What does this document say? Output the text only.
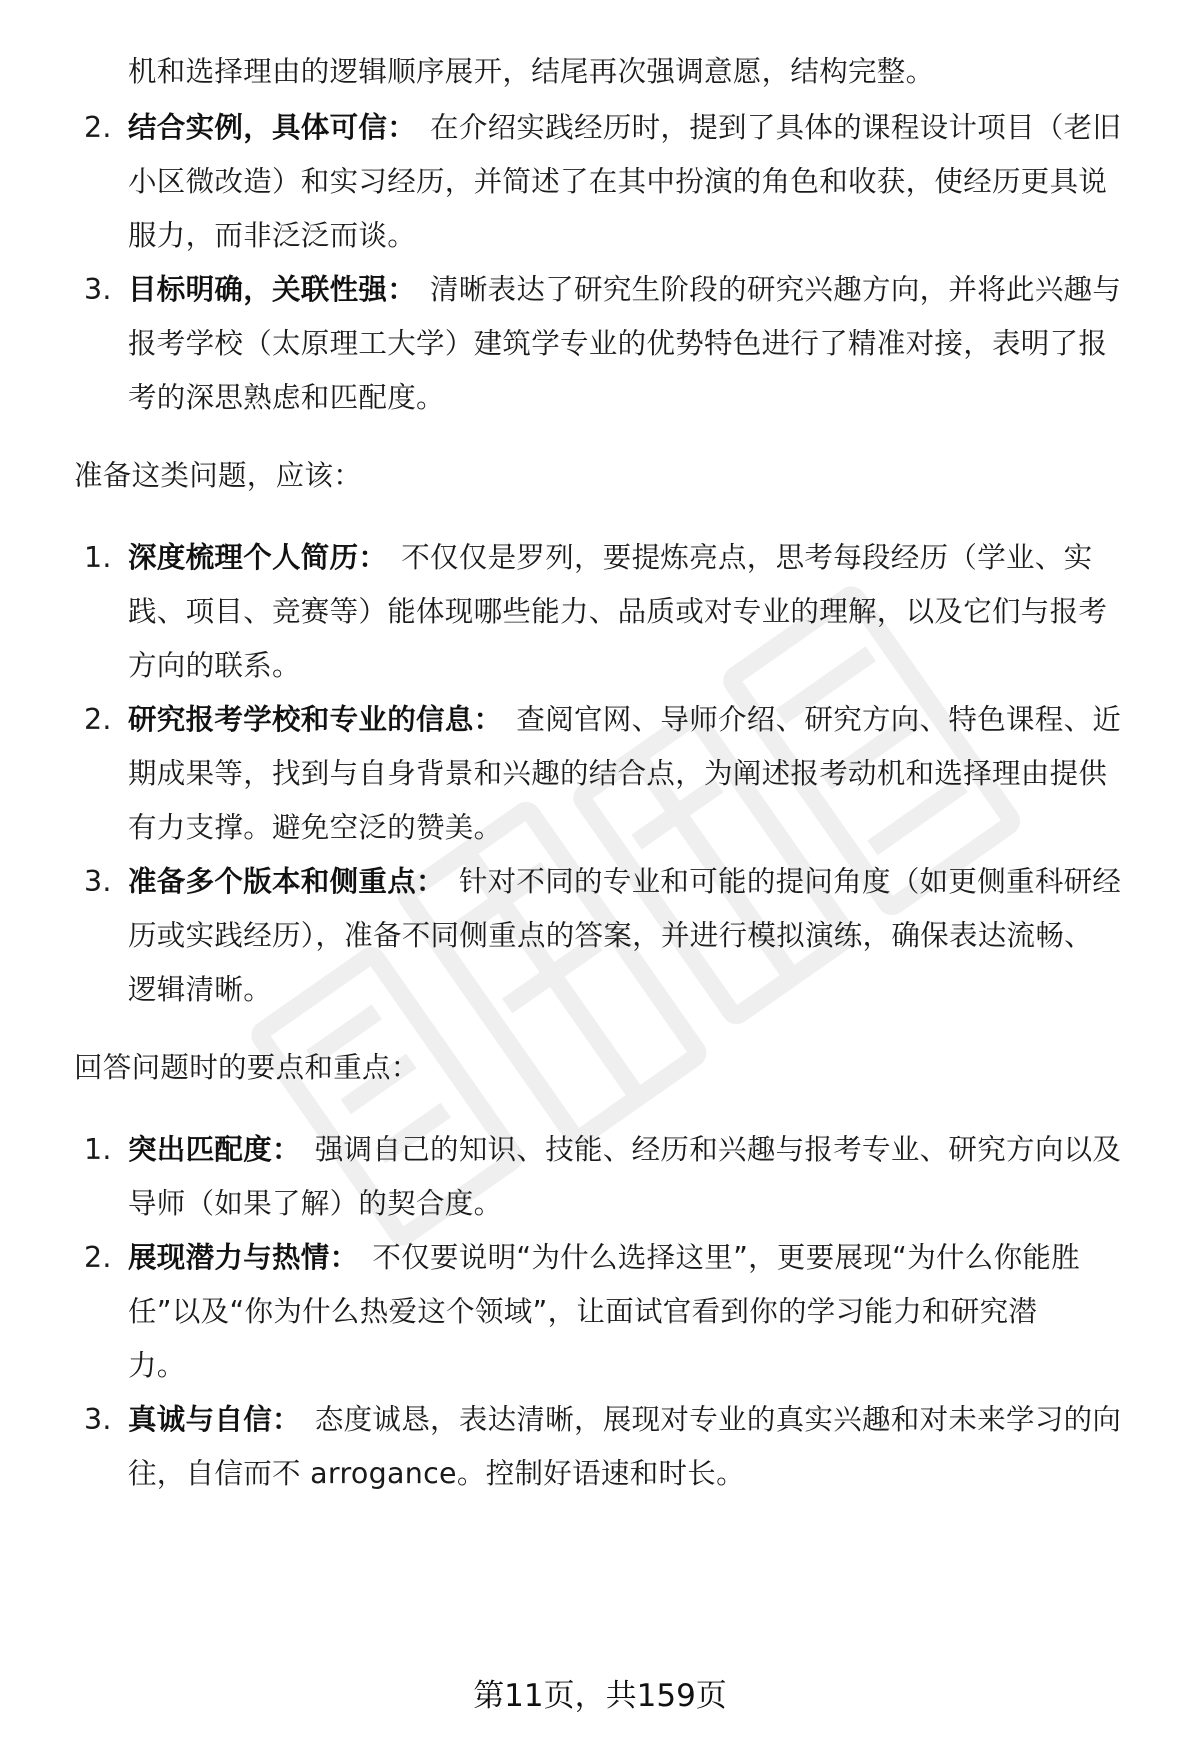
机和选择理由的逻辑顺序展开，结尾再次强调意愿，结构完整。
2. 结合实例，具体可信： 在介绍实践经历时，提到了具体的课程设计项目（老旧
小区微改造）和实习经历，并简述了在其中扮演的角色和收获，使经历更具说
服力，而非泛泛而谈。
3. 目标明确，关联性强： 清晰表达了研究生阶段的研究兴趣方向，并将此兴趣与
报考学校（太原理工大学）建筑学专业的优势特色进行了精准对接，表明了报
考的深思熟虑和匹配度。
准备这类问题，应该：
1. 深度梳理个人简历： 不仅仅是罗列，要提炼亮点，思考每段经历（学业、实
践、项目、竞赛等）能体现哪些能力、品质或对专业的理解，以及它们与报考
方向的联系。
2. 研究报考学校和专业的信息： 查阅官网、导师介绍、研究方向、特色课程、近
期成果等，找到与自身背景和兴趣的结合点，为阐述报考动机和选择理由提供
有力支撑。避免空泛的赞美。
3. 准备多个版本和侧重点： 针对不同的专业和可能的提问角度（如更侧重科研经
历或实践经历），准备不同侧重点的答案，并进行模拟演练，确保表达流畅、
逻辑清晰。
回答问题时的要点和重点：
1. 突出匹配度： 强调自己的知识、技能、经历和兴趣与报考专业、研究方向以及
导师（如果了解）的契合度。
2. 展现潜力与热情： 不仅要说明“为什么选择这里”，更要展现“为什么你能胜
任”以及“你为什么热爱这个领域”，让面试官看到你的学习能力和研究潜
力。
3. 真诚与自信： 态度诚恳，表达清晰，展现对专业的真实兴趣和对未来学习的向
往，自信而不 arrogance。控制好语速和时长。
第11页，共159页
